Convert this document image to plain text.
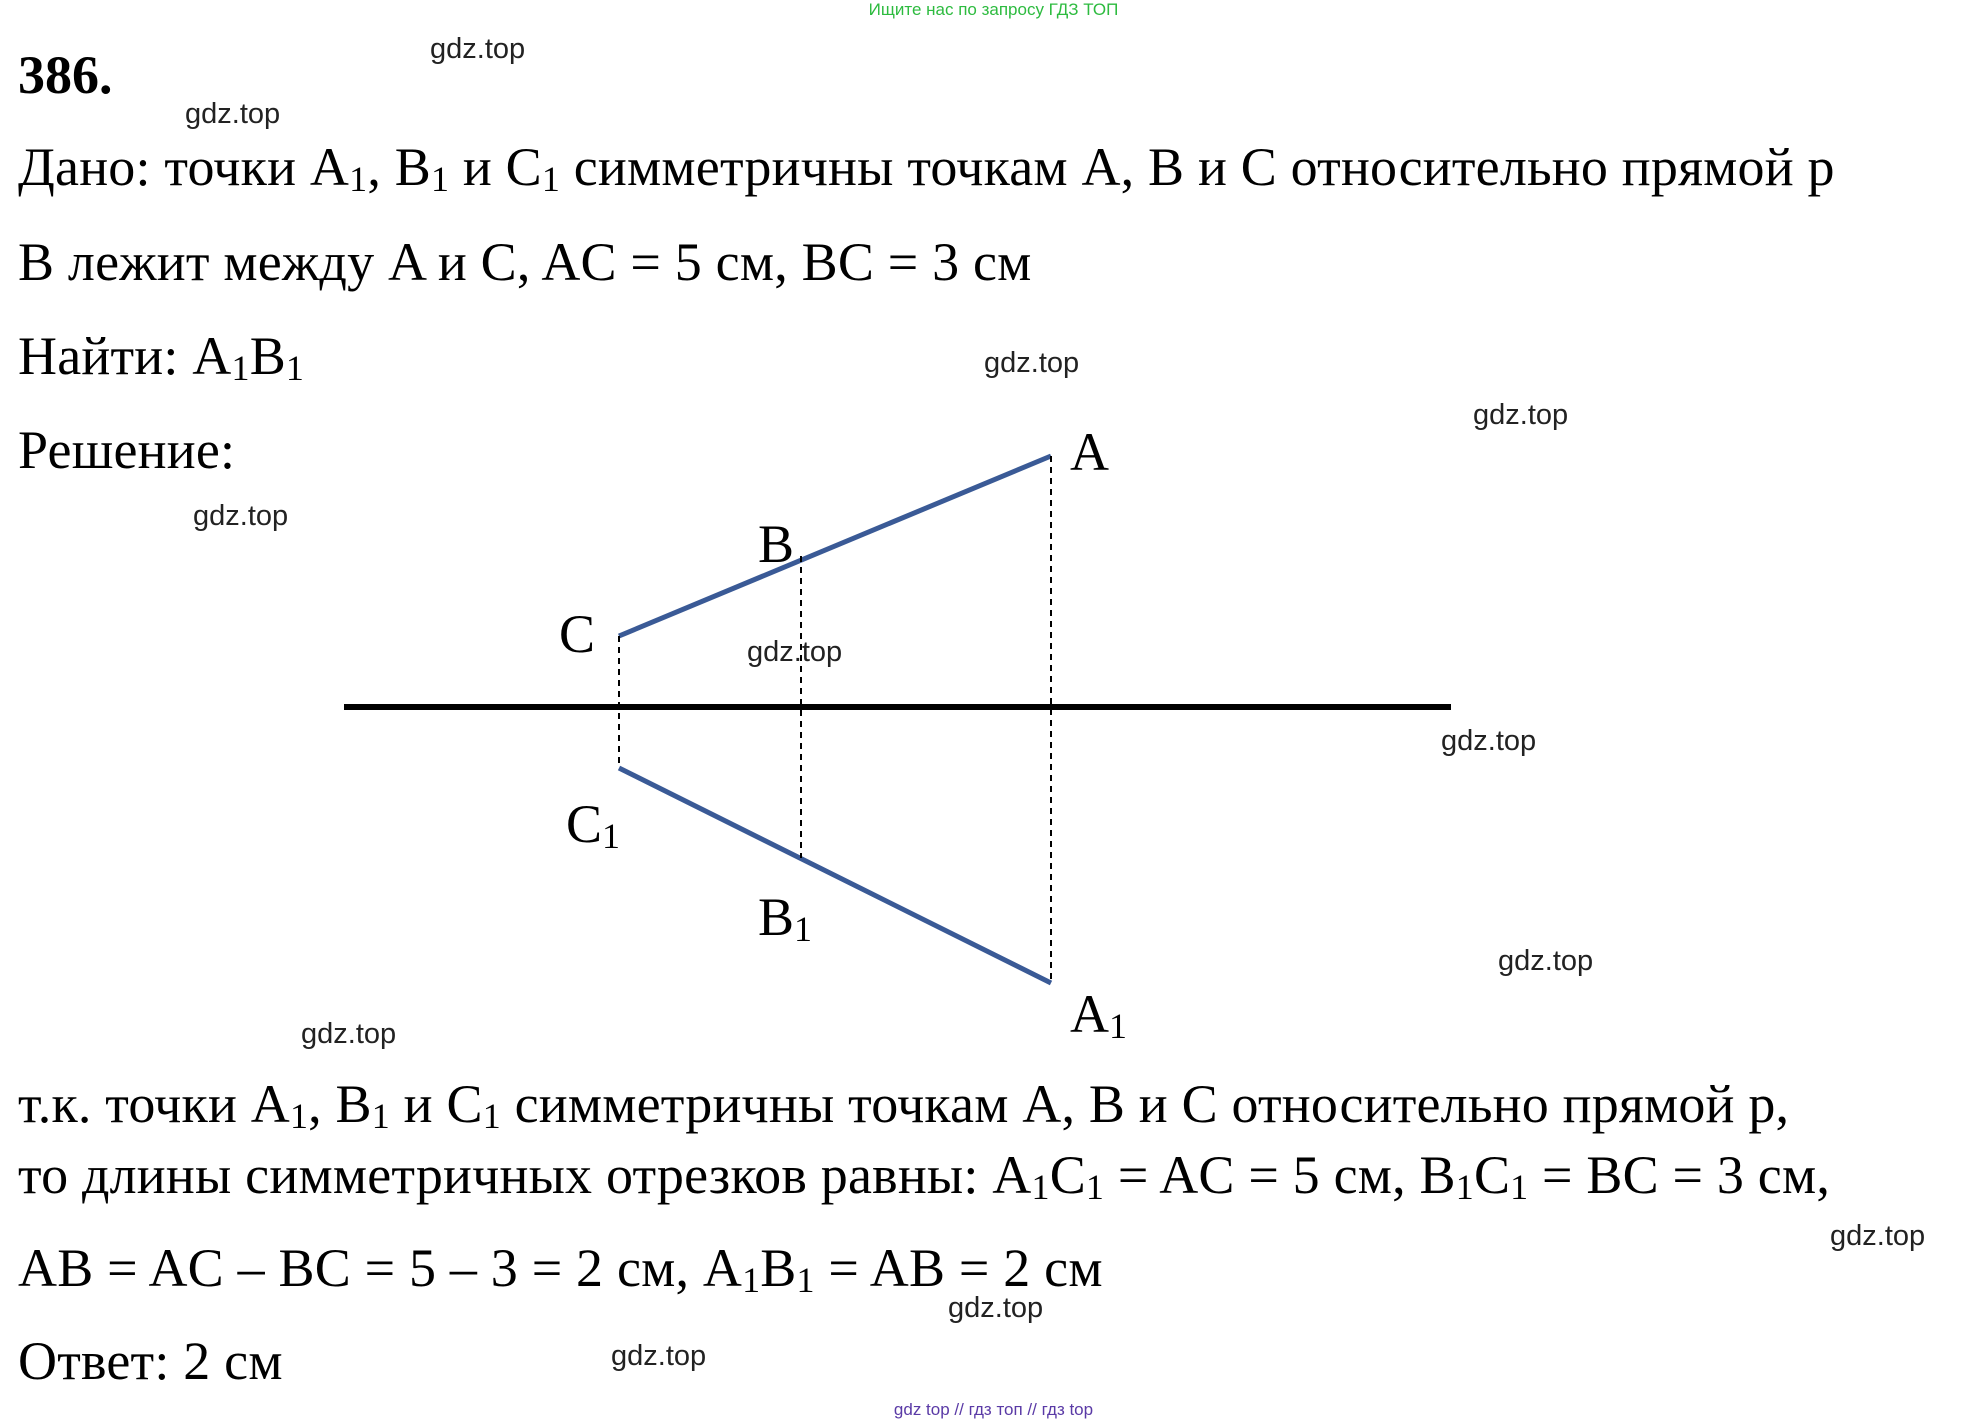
Ищите нас по запросу ГДЗ ТОП
386.
Дано: точки A1, B1 и C1 симметричны точкам A, B и C относительно прямой p
B лежит между A и C, AC = 5 см, BC = 3 см
Найти: A1B1
Решение:	A
B
C
C1
B1
A1
т.к. точки A1, B1 и C1 симметричны точкам A, B и C относительно прямой p,
то длины симметричных отрезков равны: A1C1 = AC = 5 см, B1C1 = BC = 3 см,
AB = AC – BC = 5 – 3 = 2 см, A1B1 = AB = 2 см
Ответ: 2 см
gdz.top
gdz.top
gdz.top
gdz.top
gdz.top
gdz.top
gdz.top
gdz.top
gdz.top
gdz.top
gdz.top
gdz.top
gdz top // гдз топ // гдз top
